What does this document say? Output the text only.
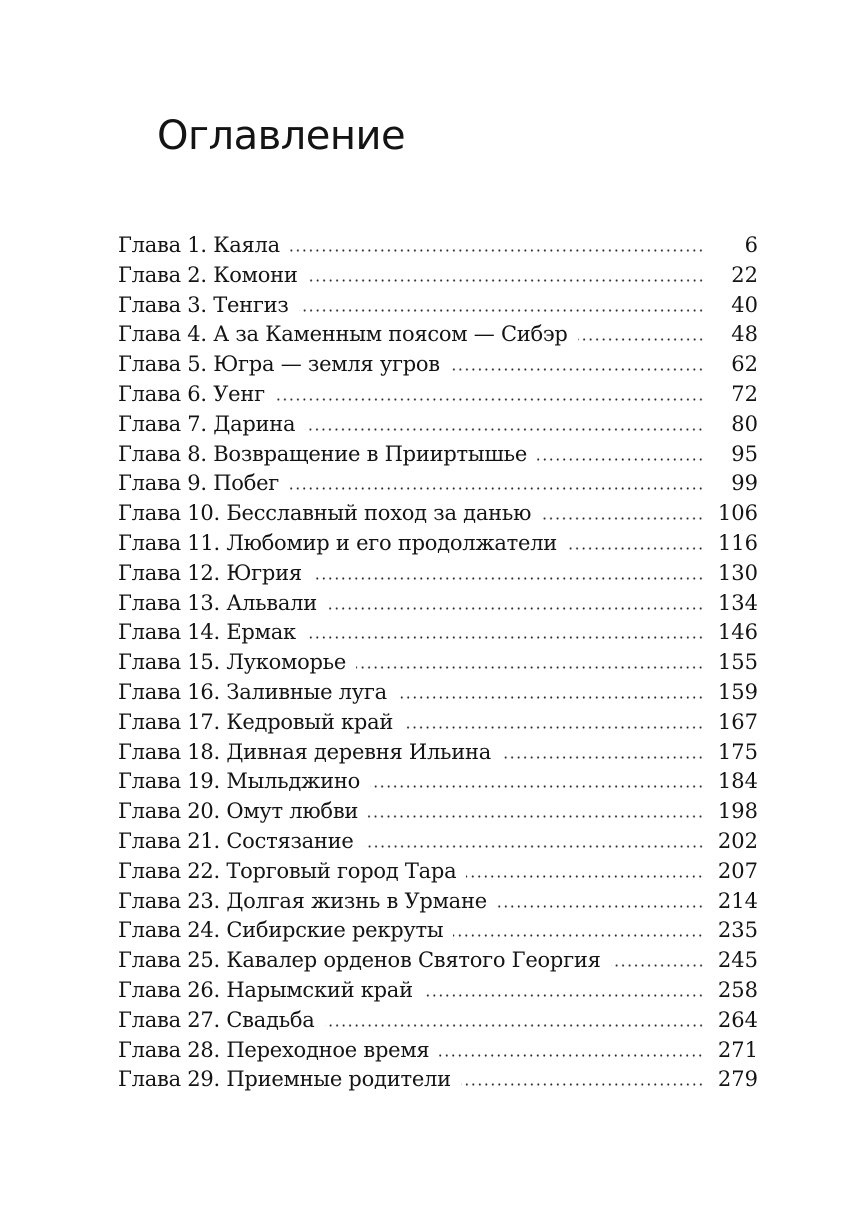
Оглавление
Глава 1. Каяла	6
Глава 2. Комони	22
Глава 3. Тенгиз	40
Глава 4. А за Каменным поясом — Сибэр	48
Глава 5. Югра — земля угров	62
Глава 6. Уенг	72
Глава 7. Дарина	80
Глава 8. Возвращение в Прииртышье	95
Глава 9. Побег	99
Глава 10. Бесславный поход за данью	106
Глава 11. Любомир и его продолжатели	116
Глава 12. Югрия	130
Глава 13. Альвали	134
Глава 14. Ермак	146
Глава 15. Лукоморье	155
Глава 16. Заливные луга	159
Глава 17. Кедровый край	167
Глава 18. Дивная деревня Ильина	175
Глава 19. Мыльджино	184
Глава 20. Омут любви	198
Глава 21. Состязание	202
Глава 22. Торговый город Тара	207
Глава 23. Долгая жизнь в Урмане	214
Глава 24. Сибирские рекруты	235
Глава 25. Кавалер орденов Святого Георгия	245
Глава 26. Нарымский край	258
Глава 27. Свадьба	264
Глава 28. Переходное время	271
Глава 29. Приемные родители	279
